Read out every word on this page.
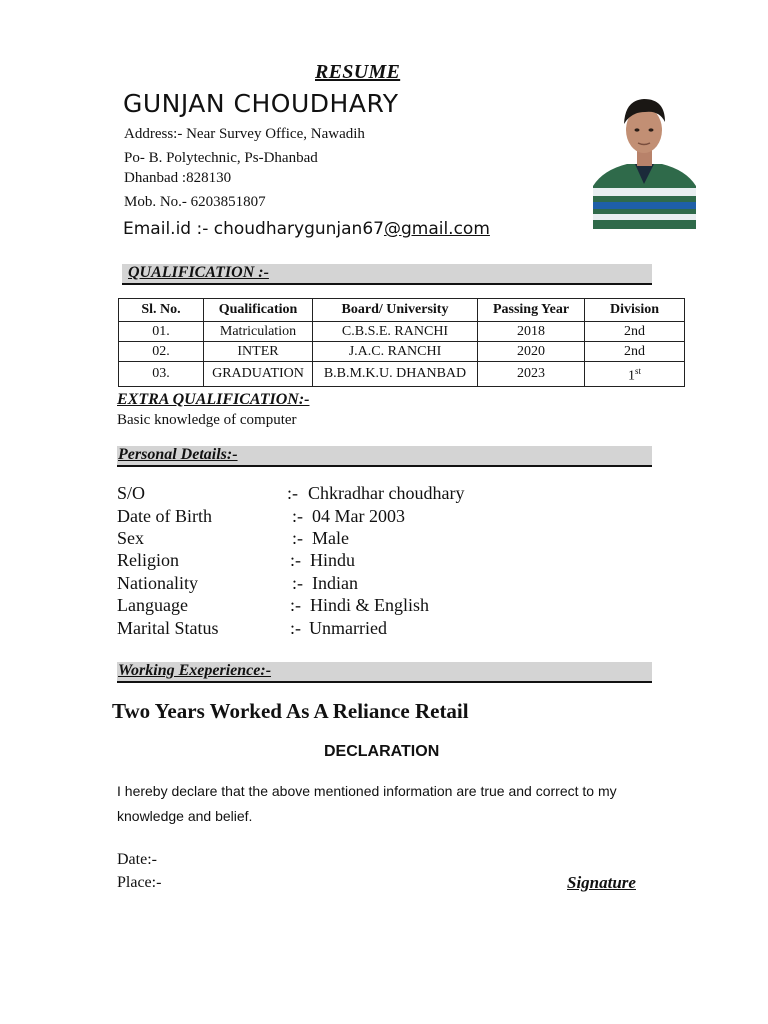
RESUME
GUNJAN CHOUDHARY
Address:- Near Survey Office, Nawadih
Po- B. Polytechnic, Ps-Dhanbad
Dhanbad :828130
Mob. No.- 6203851807
Email.id :- choudharygunjan67@gmail.com
QUALIFICATION :-
Sl. No.	Qualification	Board/ University	Passing Year	Division
01.	Matriculation	C.B.S.E. RANCHI	2018	2nd
02.	INTER	J.A.C. RANCHI	2020	2nd
03.	GRADUATION	B.B.M.K.U. DHANBAD	2023	1st
EXTRA QUALIFICATION:-
Basic knowledge of computer
Personal Details:-
S/O	:- Chkradhar choudhary
Date of Birth	:- 04 Mar 2003
Sex	:- Male
Religion	:- Hindu
Nationality	:- Indian
Language	:- Hindi & English
Marital Status	:- Unmarried
Working Exeperience:-
Two Years Worked As A Reliance Retail
DECLARATION
I hereby declare that the above mentioned information are true and correct to my knowledge and belief.
Date:-
Place:-	Signature
